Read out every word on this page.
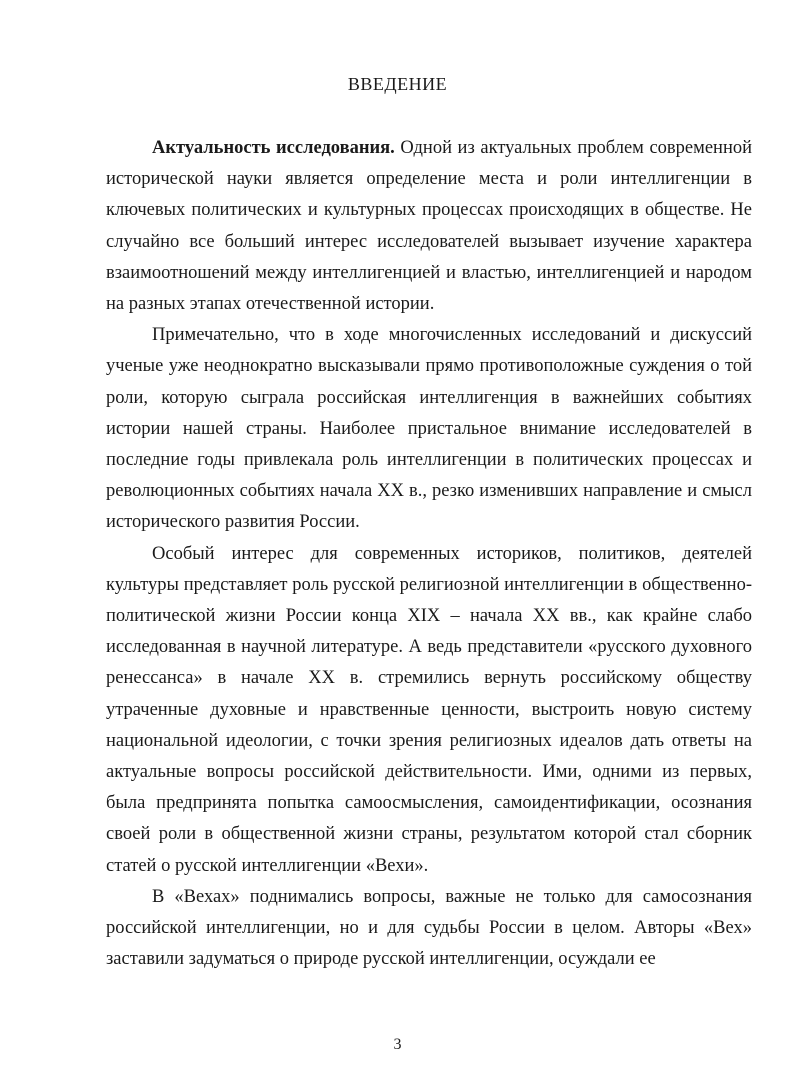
ВВЕДЕНИЕ

Актуальность исследования. Одной из актуальных проблем современной исторической науки является определение места и роли интеллигенции в ключевых политических и культурных процессах происходящих в обществе. Не случайно все больший интерес исследователей вызывает изучение характера взаимоотношений между интеллигенцией и властью, интеллигенцией и народом на разных этапах отечественной истории.

Примечательно, что в ходе многочисленных исследований и дискуссий ученые уже неоднократно высказывали прямо противоположные суждения о той роли, которую сыграла российская интеллигенция в важнейших событиях истории нашей страны. Наиболее пристальное внимание исследователей в последние годы привлекала роль интеллигенции в политических процессах и революционных событиях начала XX в., резко изменивших направление и смысл исторического развития России.

Особый интерес для современных историков, политиков, деятелей культуры представляет роль русской религиозной интеллигенции в общественно-политической жизни России конца XIX – начала XX вв., как крайне слабо исследованная в научной литературе. А ведь представители «русского духовного ренессанса» в начале XX в. стремились вернуть российскому обществу утраченные духовные и нравственные ценности, выстроить новую систему национальной идеологии, с точки зрения религиозных идеалов дать ответы на актуальные вопросы российской действительности. Ими, одними из первых, была предпринята попытка самоосмысления, самоидентификации, осознания своей роли в общественной жизни страны, результатом которой стал сборник статей о русской интеллигенции «Вехи».

В «Вехах» поднимались вопросы, важные не только для самосознания российской интеллигенции, но и для судьбы России в целом. Авторы «Вех» заставили задуматься о природе русской интеллигенции, осуждали ее

3
